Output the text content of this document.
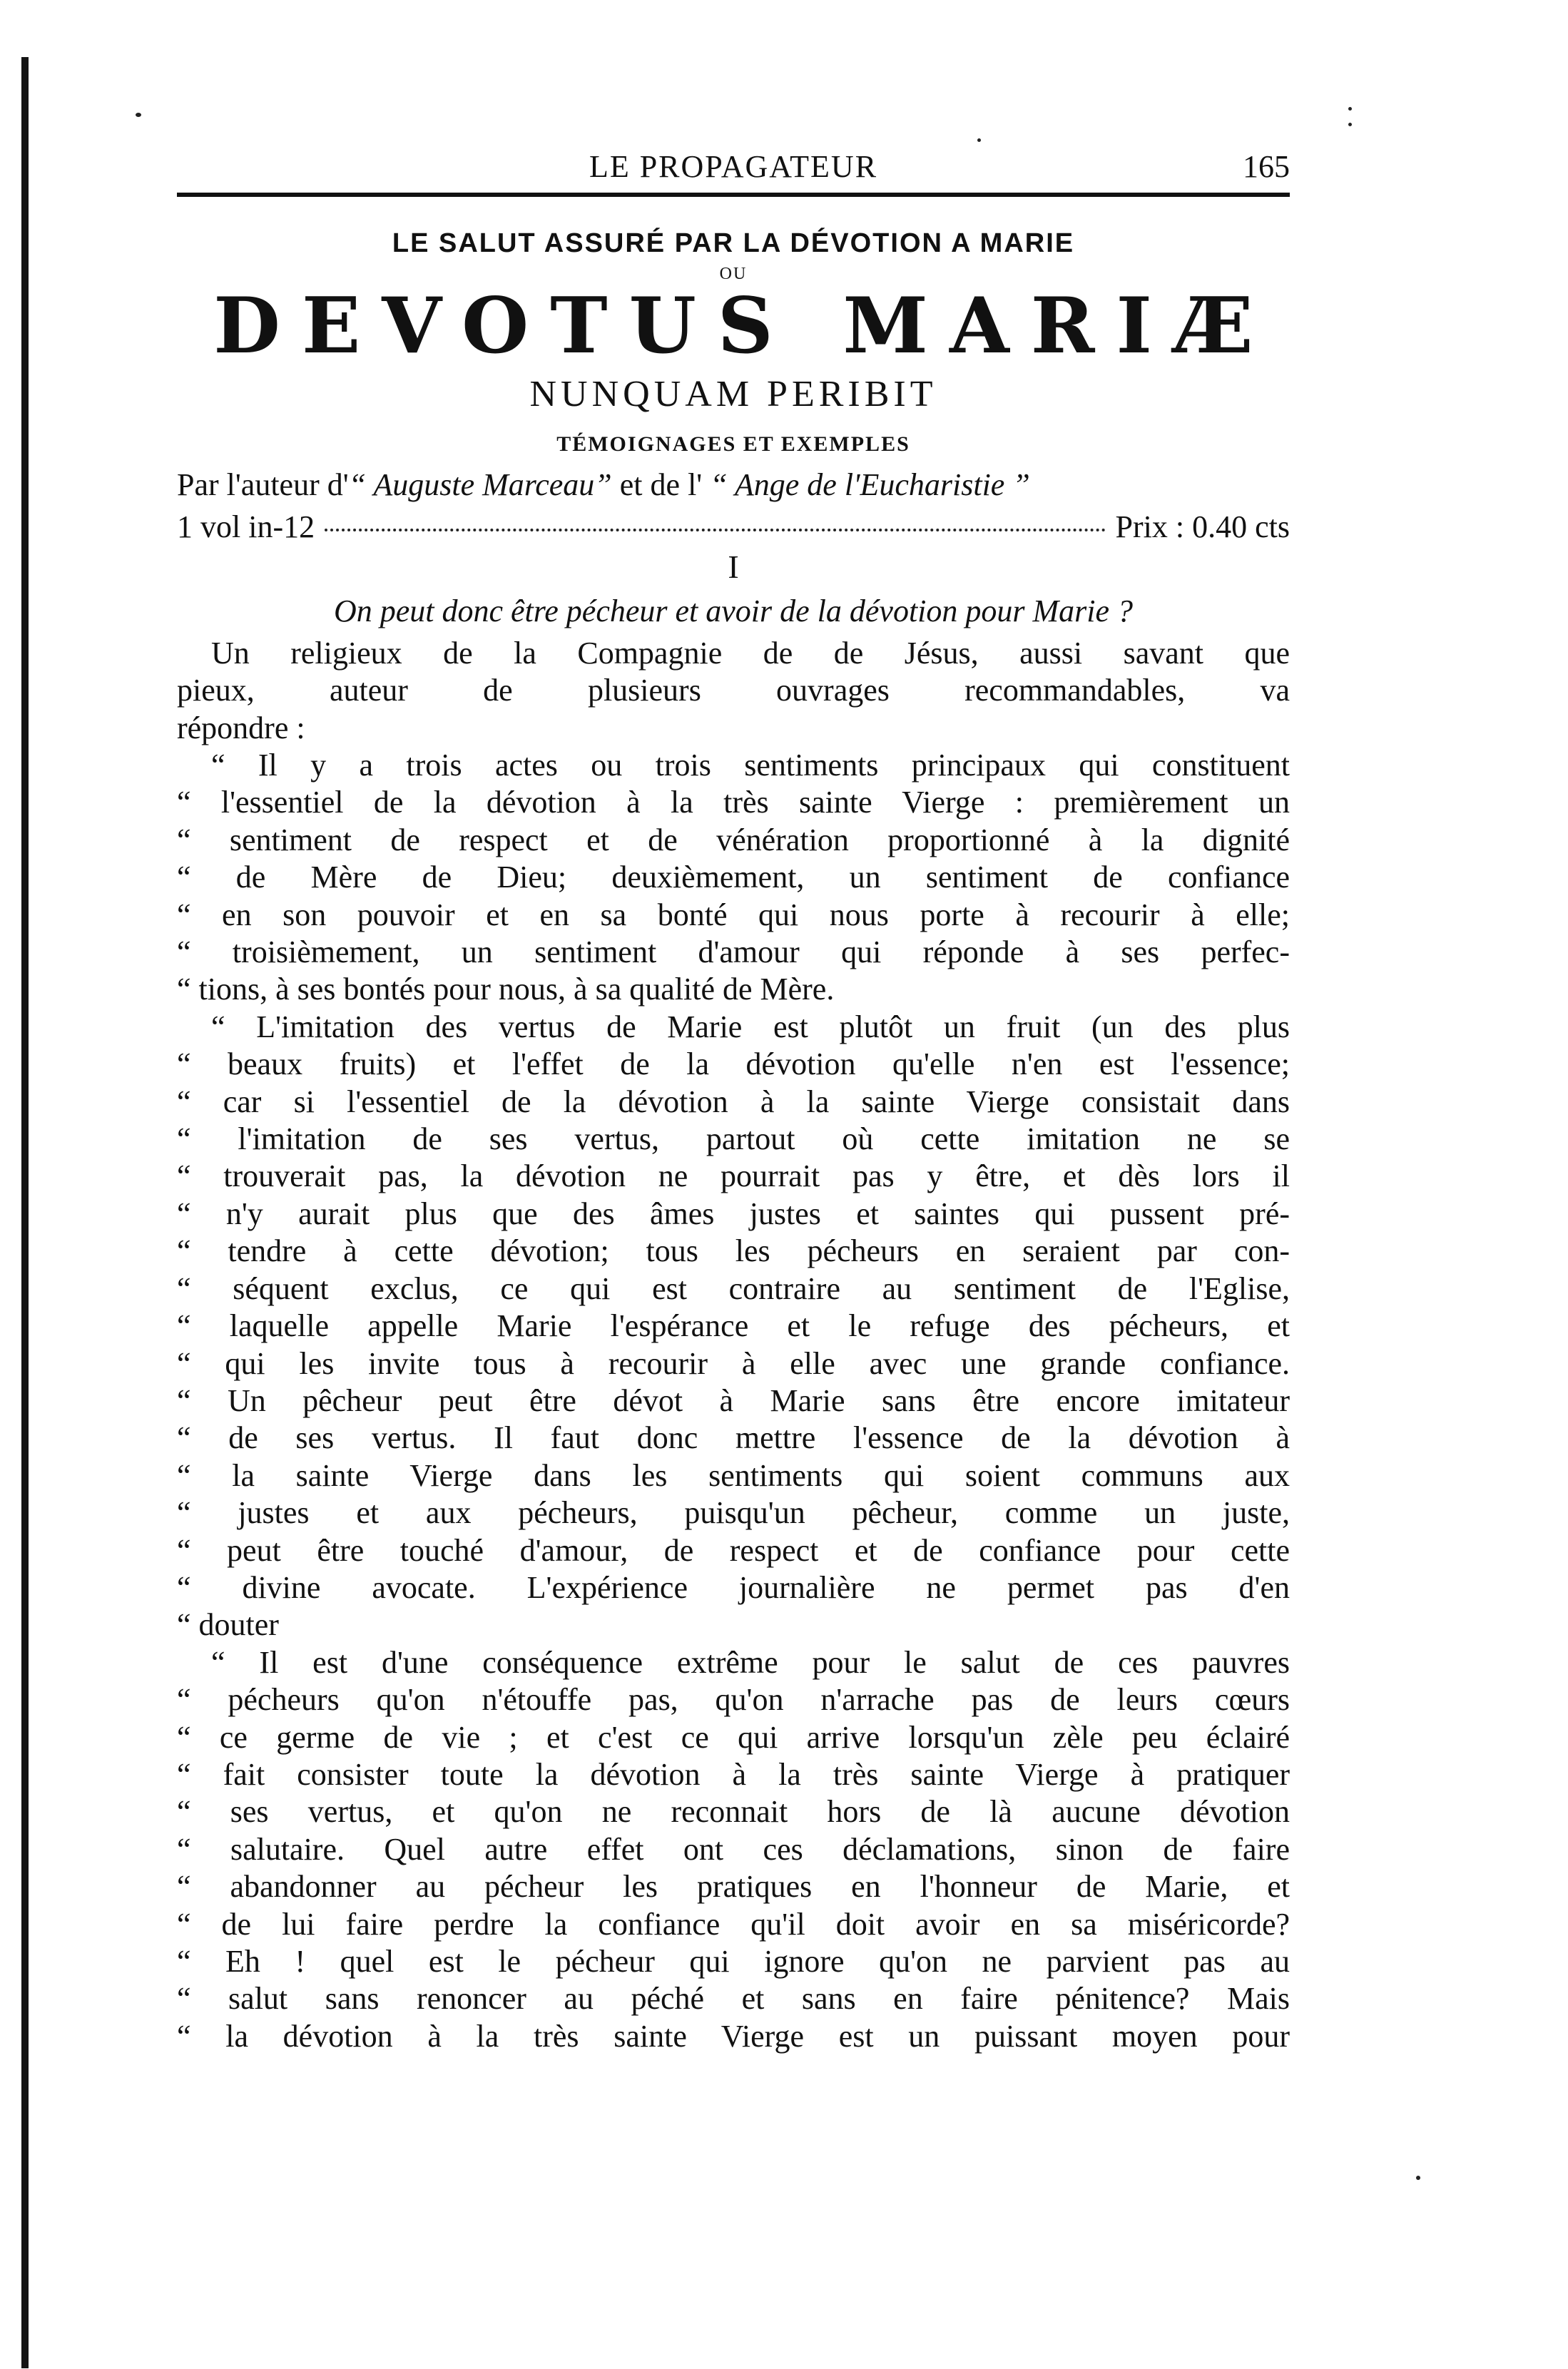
LE PROPAGATEUR	165
LE SALUT ASSURÉ PAR LA DÉVOTION A MARIE
OU
DEVOTUS MARIÆ
NUNQUAM PERIBIT
TÉMOIGNAGES ET EXEMPLES
Par l'auteur d'“ Auguste Marceau” et de l' “ Ange de l'Eucharistie ”
1 vol in-12	Prix : 0.40 cts
I
On peut donc être pécheur et avoir de la dévotion pour Marie ?
Un religieux de la Compagnie de de Jésus, aussi savant que
pieux, auteur de plusieurs ouvrages recommandables, va
répondre :
“ Il y a trois actes ou trois sentiments principaux qui constituent
“ l'essentiel de la dévotion à la très sainte Vierge : premièrement un
“ sentiment de respect et de vénération proportionné à la dignité
“ de Mère de Dieu; deuxièmement, un sentiment de confiance
“ en son pouvoir et en sa bonté qui nous porte à recourir à elle;
“ troisièmement, un sentiment d'amour qui réponde à ses perfec-
“ tions, à ses bontés pour nous, à sa qualité de Mère.
“ L'imitation des vertus de Marie est plutôt un fruit (un des plus
“ beaux fruits) et l'effet de la dévotion qu'elle n'en est l'essence;
“ car si l'essentiel de la dévotion à la sainte Vierge consistait dans
“ l'imitation de ses vertus, partout où cette imitation ne se
“ trouverait pas, la dévotion ne pourrait pas y être, et dès lors il
“ n'y aurait plus que des âmes justes et saintes qui pussent pré-
“ tendre à cette dévotion; tous les pécheurs en seraient par con-
“ séquent exclus, ce qui est contraire au sentiment de l'Eglise,
“ laquelle appelle Marie l'espérance et le refuge des pécheurs, et
“ qui les invite tous à recourir à elle avec une grande confiance.
“ Un pêcheur peut être dévot à Marie sans être encore imitateur
“ de ses vertus. Il faut donc mettre l'essence de la dévotion à
“ la sainte Vierge dans les sentiments qui soient communs aux
“ justes et aux pécheurs, puisqu'un pêcheur, comme un juste,
“ peut être touché d'amour, de respect et de confiance pour cette
“ divine avocate. L'expérience journalière ne permet pas d'en
“ douter
“ Il est d'une conséquence extrême pour le salut de ces pauvres
“ pécheurs qu'on n'étouffe pas, qu'on n'arrache pas de leurs cœurs
“ ce germe de vie ; et c'est ce qui arrive lorsqu'un zèle peu éclairé
“ fait consister toute la dévotion à la très sainte Vierge à pratiquer
“ ses vertus, et qu'on ne reconnait hors de là aucune dévotion
“ salutaire. Quel autre effet ont ces déclamations, sinon de faire
“ abandonner au pécheur les pratiques en l'honneur de Marie, et
“ de lui faire perdre la confiance qu'il doit avoir en sa miséricorde?
“ Eh ! quel est le pécheur qui ignore qu'on ne parvient pas au
“ salut sans renoncer au péché et sans en faire pénitence? Mais
“ la dévotion à la très sainte Vierge est un puissant moyen pour
